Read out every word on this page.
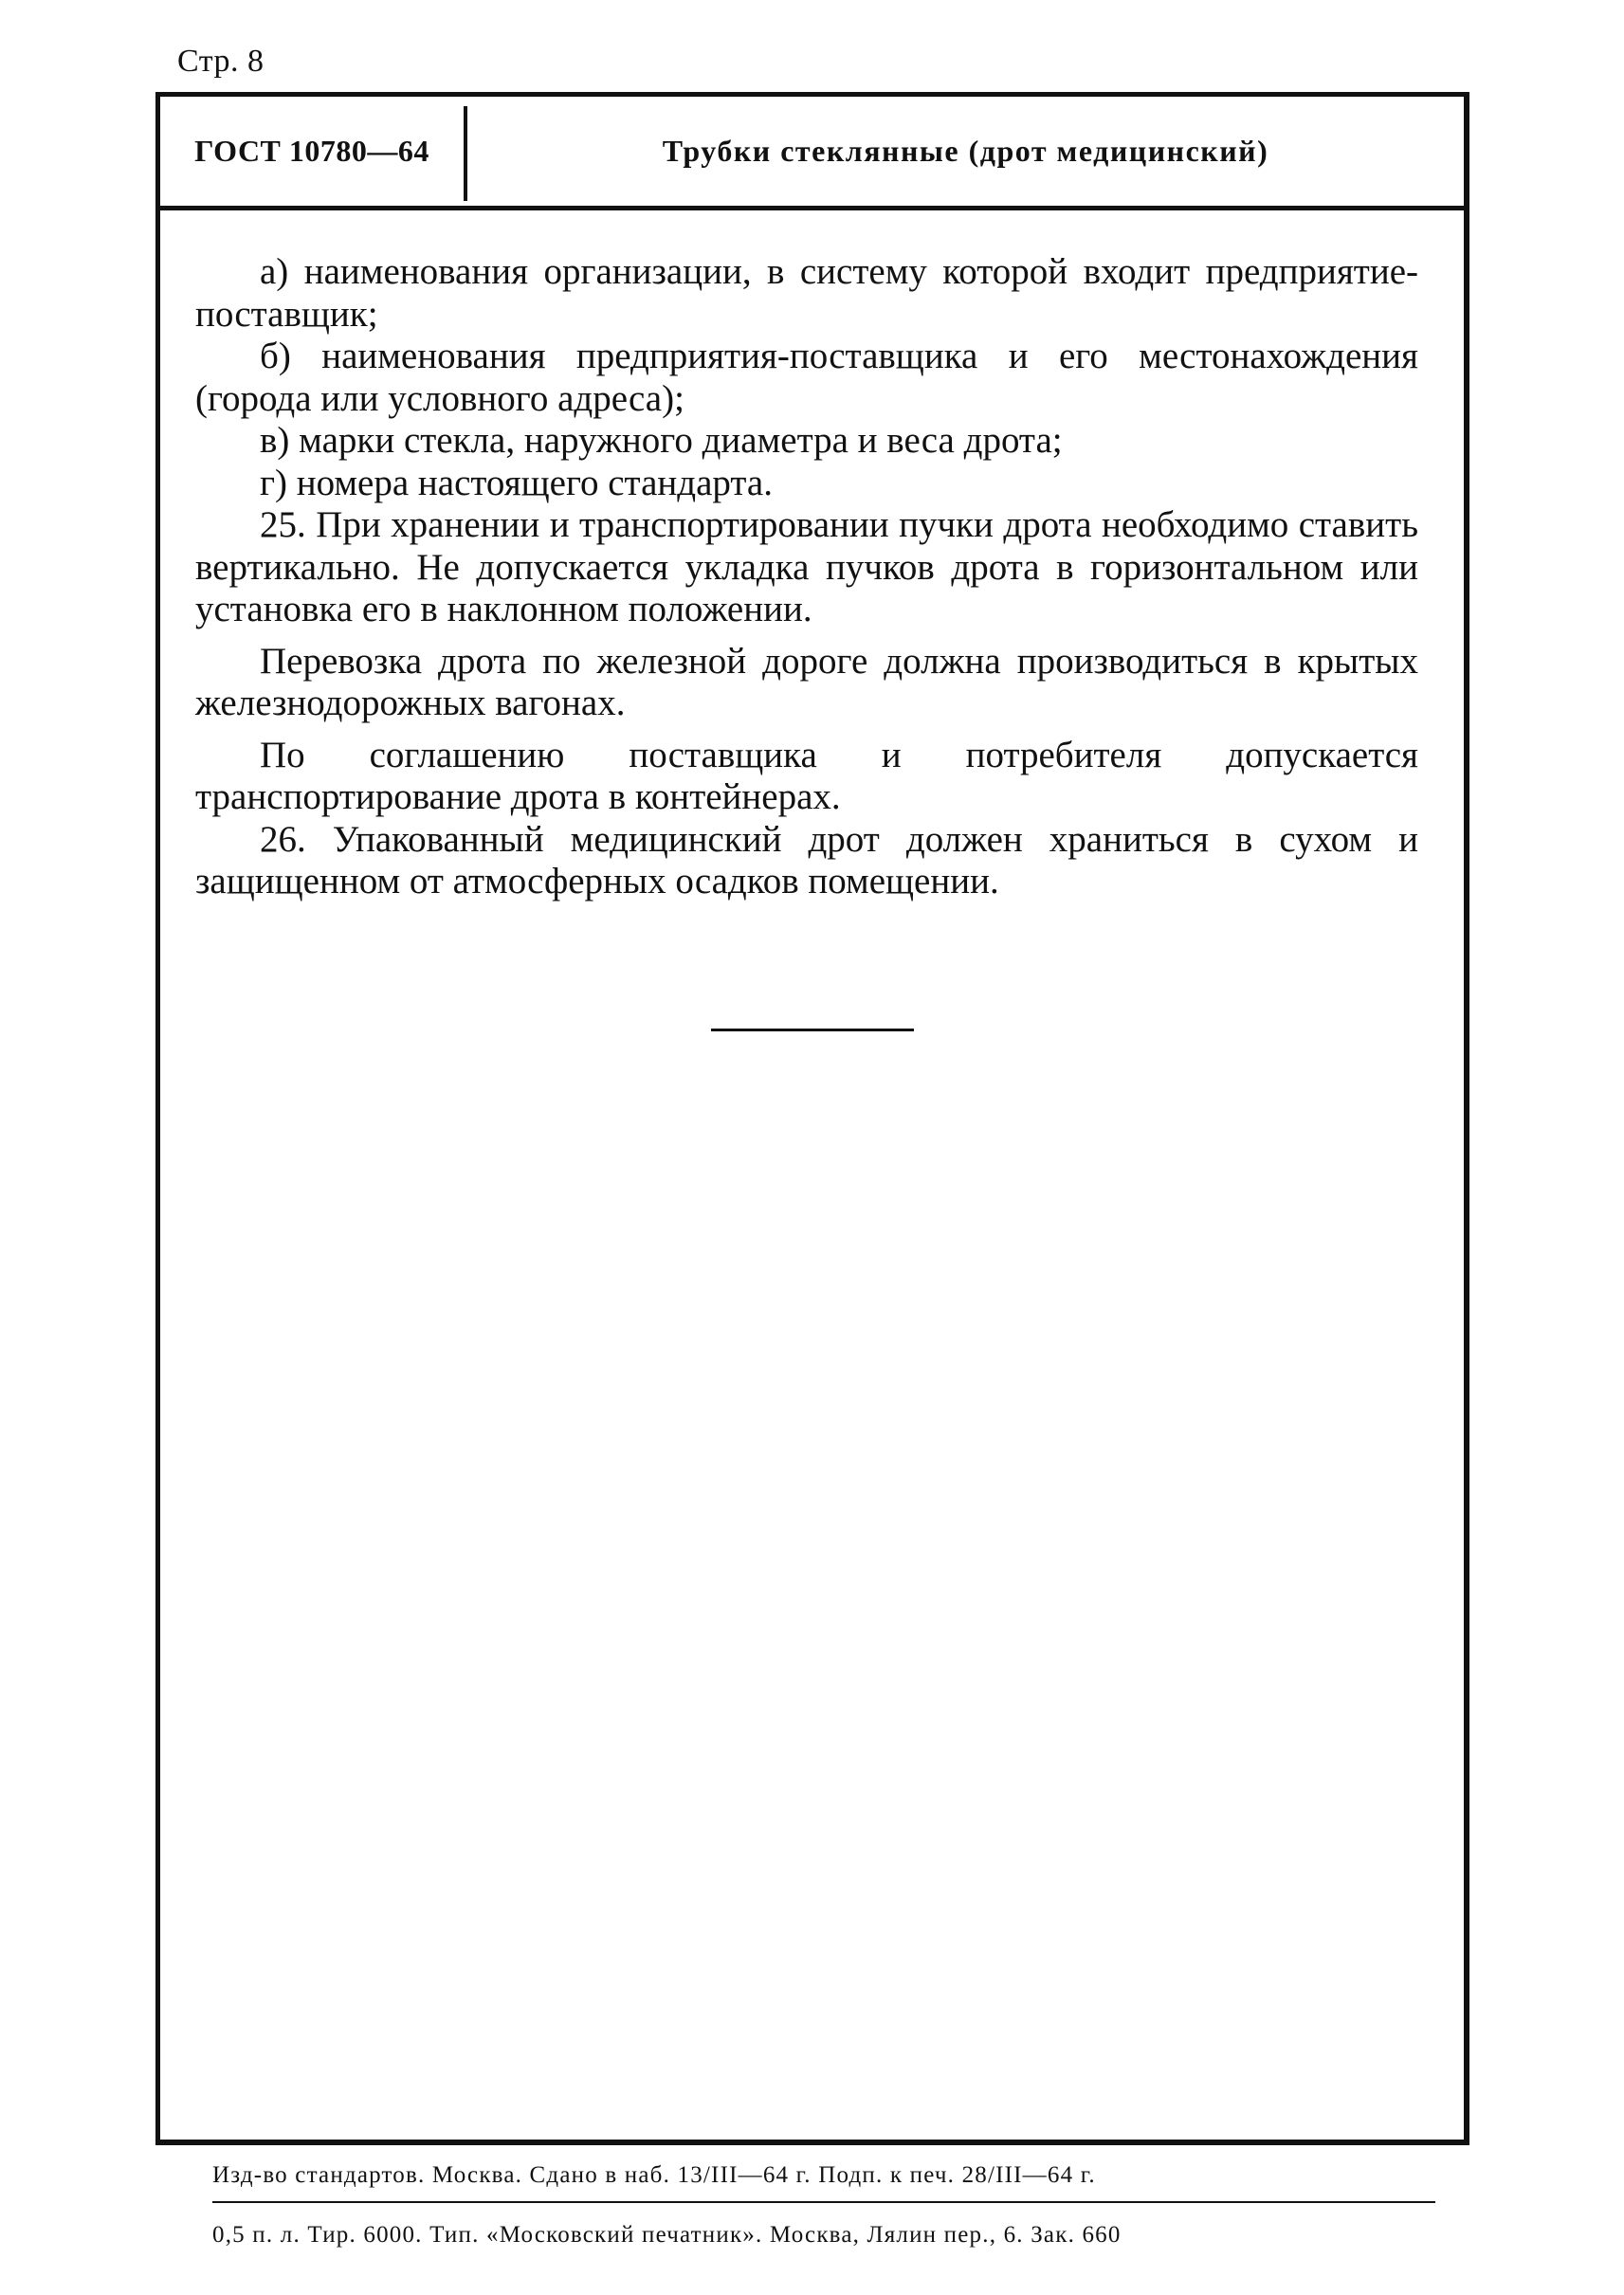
Стр. 8
ГОСТ 10780—64	Трубки стеклянные (дрот медицинский)

а) наименования организации, в систему которой входит предприятие-поставщик;

б) наименования предприятия-поставщика и его местонахождения (города или условного адреса);

в) марки стекла, наружного диаметра и веса дрота;

г) номера настоящего стандарта.

25. При хранении и транспортировании пучки дрота необходимо ставить вертикально. Не допускается укладка пучков дрота в горизонтальном или установка его в наклонном положении.

Перевозка дрота по железной дороге должна производиться в крытых железнодорожных вагонах.

По соглашению поставщика и потребителя допускается транспортирование дрота в контейнерах.

26. Упакованный медицинский дрот должен храниться в сухом и защищенном от атмосферных осадков помещении.

Изд-во стандартов. Москва. Сдано в наб. 13/III—64 г. Подп. к печ. 28/III—64 г.
0,5 п. л. Тир. 6000. Тип. «Московский печатник». Москва, Лялин пер., 6. Зак. 660
